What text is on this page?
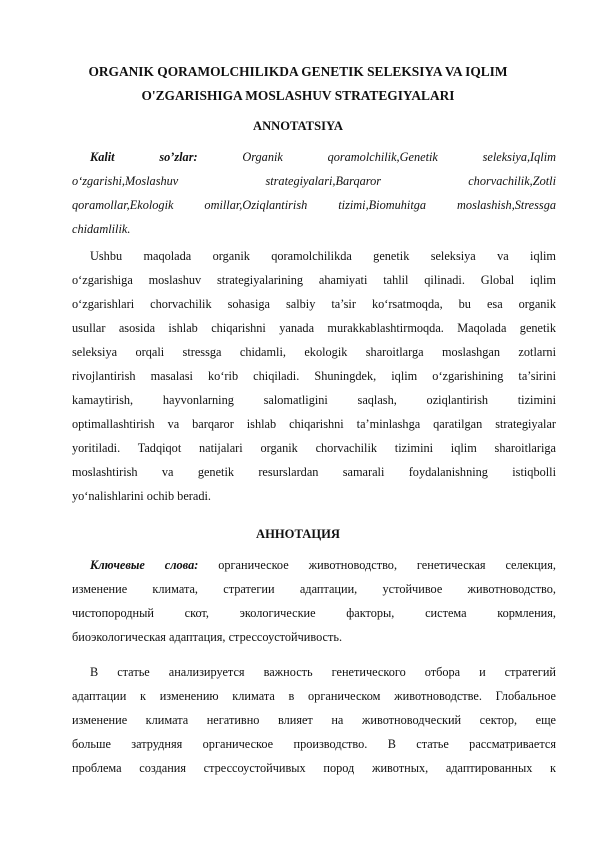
ORGANIK QORAMOLCHILIKDA GENETIK SELEKSIYA VA IQLIM
O'ZGARISHIGA MOSLASHUV STRATEGIYALARI
ANNOTATSIYA
Kalit so’zlar: Organik qoramolchilik,Genetik seleksiya,Iqlim
o‘zgarishi,Moslashuv strategiyalari,Barqaror chorvachilik,Zotli
qoramollar,Ekologik omillar,Oziqlantirish tizimi,Biomuhitga moslashish,Stressga
chidamlilik.
Ushbu maqolada organik qoramolchilikda genetik seleksiya va iqlim
o‘zgarishiga moslashuv strategiyalarining ahamiyati tahlil qilinadi. Global iqlim
o‘zgarishlari chorvachilik sohasiga salbiy ta’sir ko‘rsatmoqda, bu esa organik
usullar asosida ishlab chiqarishni yanada murakkablashtirmoqda. Maqolada genetik
seleksiya orqali stressga chidamli, ekologik sharoitlarga moslashgan zotlarni
rivojlantirish masalasi ko‘rib chiqiladi. Shuningdek, iqlim o‘zgarishining ta’sirini
kamaytirish, hayvonlarning salomatligini saqlash, oziqlantirish tizimini
optimallashtirish va barqaror ishlab chiqarishni ta’minlashga qaratilgan strategiyalar
yoritiladi. Tadqiqot natijalari organik chorvachilik tizimini iqlim sharoitlariga
moslashtirish va genetik resurslardan samarali foydalanishning istiqbolli
yo‘nalishlarini ochib beradi.
АННОТАЦИЯ
Ключевые слова: органическое животноводство, генетическая селекция,
изменение климата, стратегии адаптации, устойчивое животноводство,
чистопородный скот, экологические факторы, система кормления,
биоэкологическая адаптация, стрессоустойчивость.
В статье анализируется важность генетического отбора и стратегий
адаптации к изменению климата в органическом животноводстве. Глобальное
изменение климата негативно влияет на животноводческий сектор, еще
больше затрудняя органическое производство. В статье рассматривается
проблема создания стрессоустойчивых пород животных, адаптированных к
